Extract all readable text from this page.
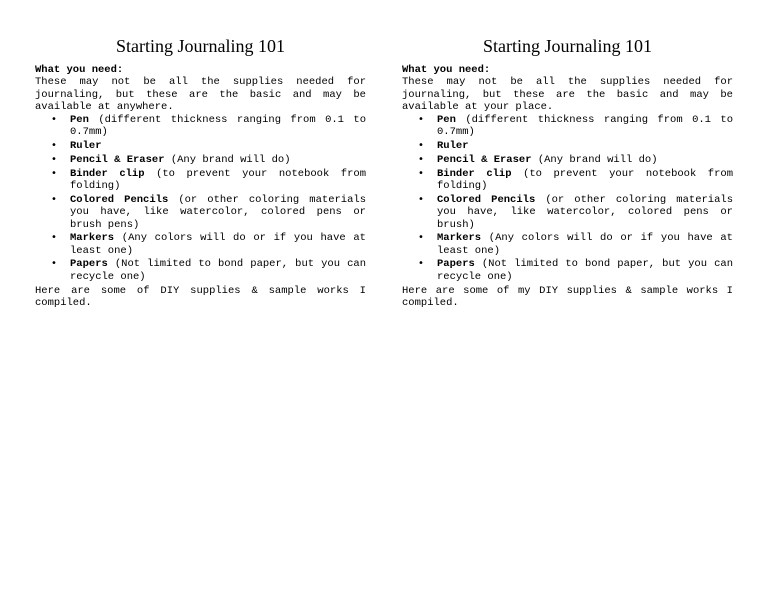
Starting Journaling 101

What you need:

These may not be all the supplies needed for journaling, but these are the basic and may be available at anywhere.

• Pen (different thickness ranging from 0.1 to 0.7mm)
• Ruler
• Pencil & Eraser (Any brand will do)
• Binder clip (to prevent your notebook from folding)
• Colored Pencils (or other coloring materials you have, like watercolor, colored pens or brush pens)
• Markers (Any colors will do or if you have at least one)
• Papers (Not limited to bond paper, but you can recycle one)

Here are some of DIY supplies & sample works I compiled.

Starting Journaling 101

What you need:

These may not be all the supplies needed for journaling, but these are the basic and may be available at your place.

• Pen (different thickness ranging from 0.1 to 0.7mm)
• Ruler
• Pencil & Eraser (Any brand will do)
• Binder clip (to prevent your notebook from folding)
• Colored Pencils (or other coloring materials you have, like watercolor, colored pens or brush)
• Markers (Any colors will do or if you have at least one)
• Papers (Not limited to bond paper, but you can recycle one)

Here are some of my DIY supplies & sample works I compiled.
